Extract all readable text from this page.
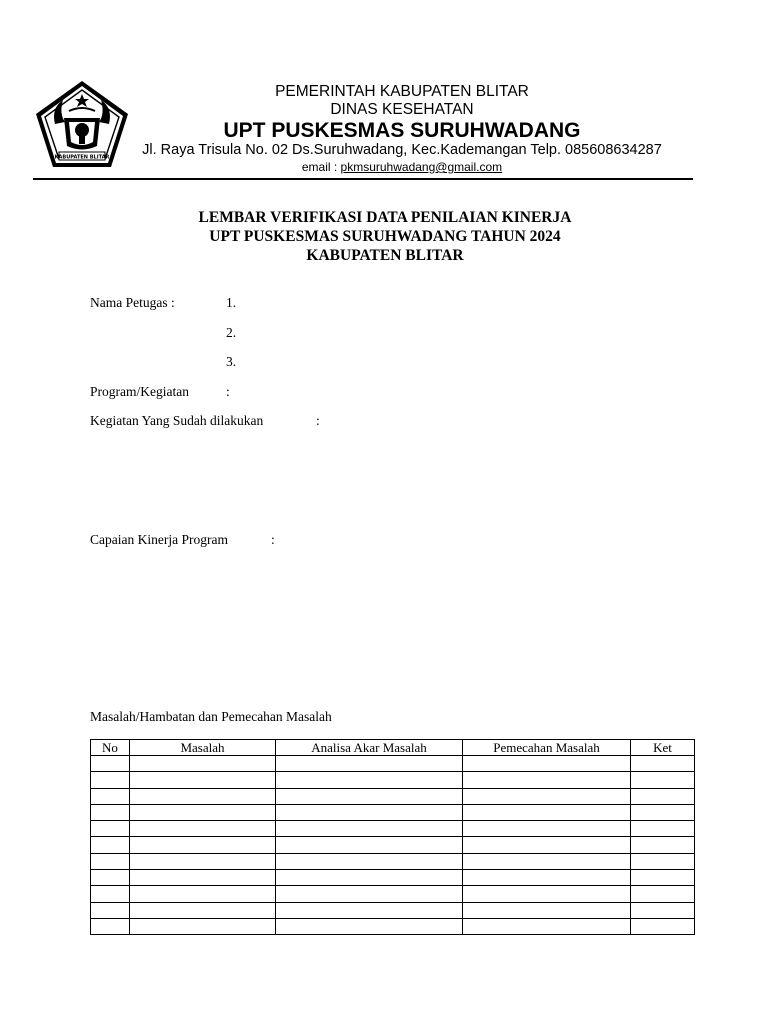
KABUPATEN BLITAR
PEMERINTAH KABUPATEN BLITAR
DINAS KESEHATAN
UPT PUSKESMAS SURUHWADANG
Jl. Raya Trisula No. 02 Ds.Suruhwadang, Kec.Kademangan Telp. 085608634287
email : pkmsuruhwadang@gmail.com
LEMBAR VERIFIKASI DATA PENILAIAN KINERJA
UPT PUSKESMAS SURUHWADANG TAHUN 2024
KABUPATEN BLITAR
Nama Petugas :	1.
2.
3.
Program/Kegiatan	:
Kegiatan Yang Sudah dilakukan	:
Capaian Kinerja Program	:
Masalah/Hambatan dan Pemecahan Masalah
No	Masalah	Analisa Akar Masalah	Pemecahan Masalah	Ket
